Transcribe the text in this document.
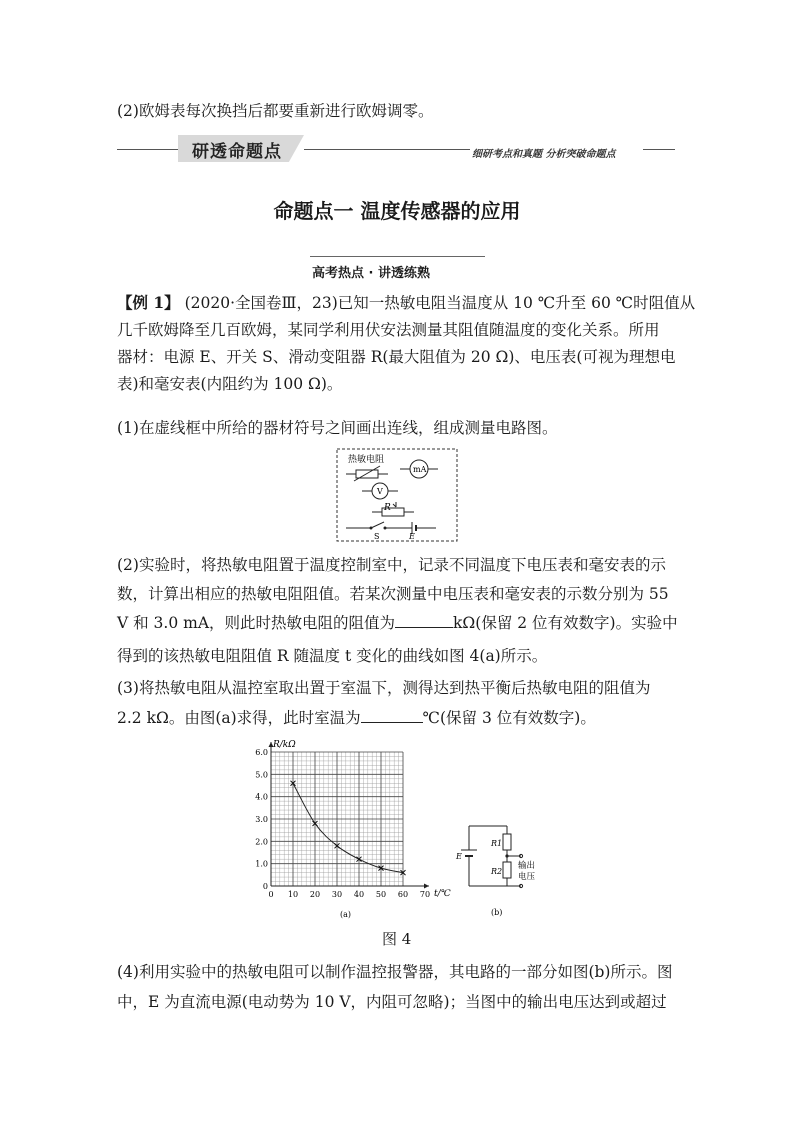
(2)欧姆表每次换挡后都要重新进行欧姆调零。
研透命题点	细研考点和真题 分析突破命题点
命题点一 温度传感器的应用
高考热点 · 讲透练熟
【例 1】 (2020·全国卷Ⅲ，23)已知一热敏电阻当温度从 10 ℃升至 60 ℃时阻值从
几千欧姆降至几百欧姆，某同学利用伏安法测量其阻值随温度的变化关系。所用
器材：电源 E、开关 S、滑动变阻器 R(最大阻值为 20 Ω)、电压表(可视为理想电
表)和毫安表(内阻约为 100 Ω)。
(1)在虚线框中所给的器材符号之间画出连线，组成测量电路图。
热敏电阻
mA
V
R
S	E
(2)实验时，将热敏电阻置于温度控制室中，记录不同温度下电压表和毫安表的示
数，计算出相应的热敏电阻阻值。若某次测量中电压表和毫安表的示数分别为 55
V 和 3.0 mA，则此时热敏电阻的阻值为	kΩ(保留 2 位有效数字)。实验中
得到的该热敏电阻阻值 R 随温度 t 变化的曲线如图 4(a)所示。
(3)将热敏电阻从温控室取出置于室温下，测得达到热平衡后热敏电阻的阻值为
2.2 kΩ。由图(a)求得，此时室温为	℃(保留 3 位有效数字)。
0
1.0
2.0
3.0
4.0
5.0
6.0
0 10 20 30 40 50 60 70
R/kΩ
t/℃
(a)
E
R1
R2
输出
电压
(b)
图 4
(4)利用实验中的热敏电阻可以制作温控报警器，其电路的一部分如图(b)所示。图
中，E 为直流电源(电动势为 10 V，内阻可忽略)；当图中的输出电压达到或超过
